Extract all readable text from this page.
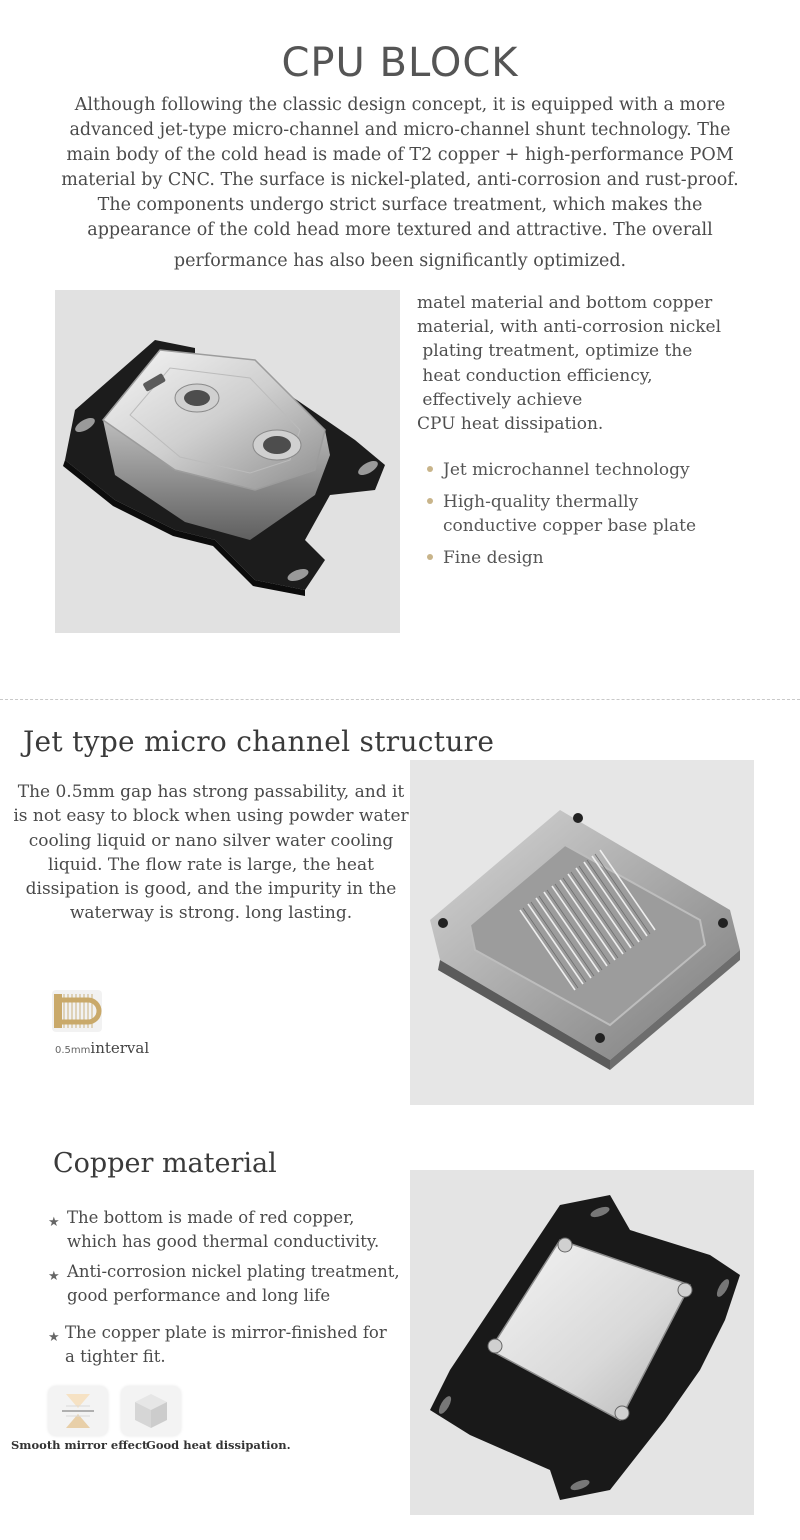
CPU BLOCK
Although following the classic design concept, it is equipped with a more
advanced jet-type micro-channel and micro-channel shunt technology. The
main body of the cold head is made of T2 copper + high-performance POM
material by CNC. The surface is nickel-plated, anti-corrosion and rust-proof.
The components undergo strict surface treatment, which makes the
appearance of the cold head more textured and attractive. The overall
performance has also been significantly optimized.
matel material and bottom copper
material, with anti-corrosion nickel
plating treatment, optimize the
heat conduction efficiency,
effectively achieve
CPU heat dissipation.
Jet microchannel technology
High-quality thermally
conductive copper base plate
Fine design
Jet type micro channel structure
The 0.5mm gap has strong passability, and it is not easy to block when using powder water cooling liquid or nano silver water cooling liquid. The flow rate is large, the heat dissipation is good, and the impurity in the waterway is strong. long lasting.
0.5mminterval
Copper material
★ The bottom is made of red copper,
which has good thermal conductivity.
★ Anti-corrosion nickel plating treatment,
good performance and long life
★ The copper plate is mirror-finished for
a tighter fit.
Smooth mirror effect
Good heat dissipation.
